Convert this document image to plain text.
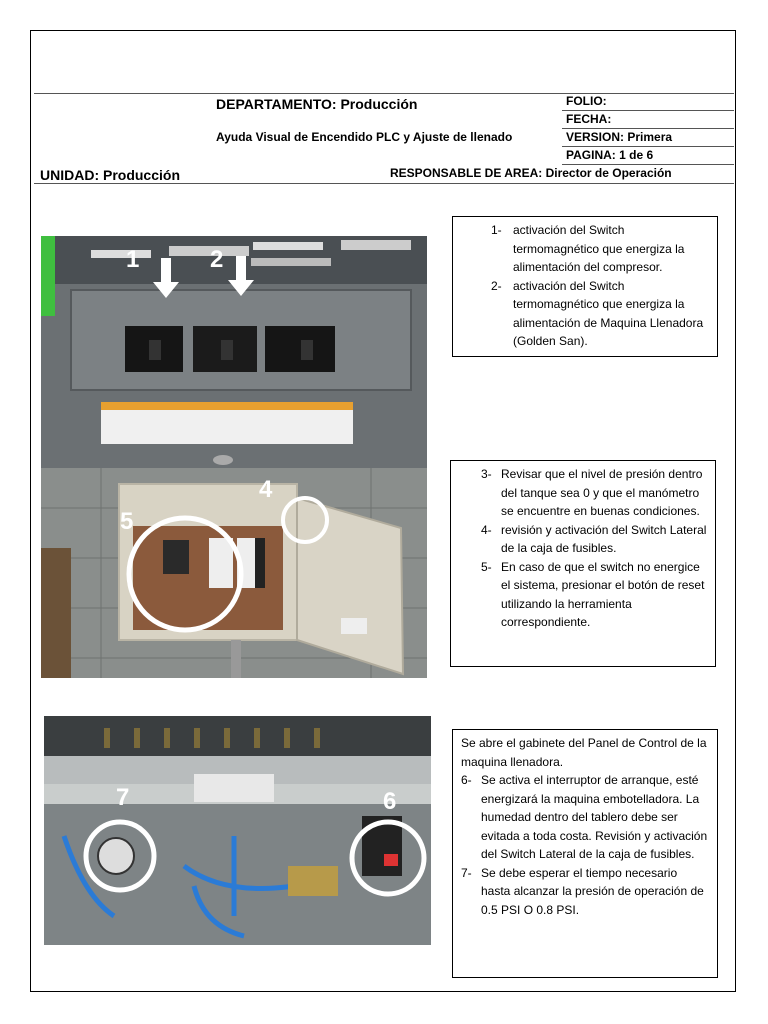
DEPARTAMENTO: Producción
Ayuda Visual de Encendido PLC y Ajuste de llenado
UNIDAD: Producción	RESPONSABLE DE AREA: Director de Operación
FOLIO:
FECHA:
VERSION: Primera
PAGINA: 1 de 6
1	2
4
5
7	6
1- activación del Switch termomagnético que energiza la alimentación del compresor.
2- activación del Switch termomagnético que energiza la alimentación de Maquina Llenadora (Golden San).
3- Revisar que el nivel de presión dentro del tanque sea 0 y que el manómetro se encuentre en buenas condiciones.
4- revisión y activación del Switch Lateral de la caja de fusibles.
5- En caso de que el switch no energice el sistema, presionar el botón de reset utilizando la herramienta correspondiente.
Se abre el gabinete del Panel de Control de la maquina llenadora.
6- Se activa el interruptor de arranque, esté energizará la maquina embotelladora. La humedad dentro del tablero debe ser evitada a toda costa. Revisión y activación del Switch Lateral de la caja de fusibles.
7- Se debe esperar el tiempo necesario hasta alcanzar la presión de operación de 0.5 PSI O 0.8 PSI.
